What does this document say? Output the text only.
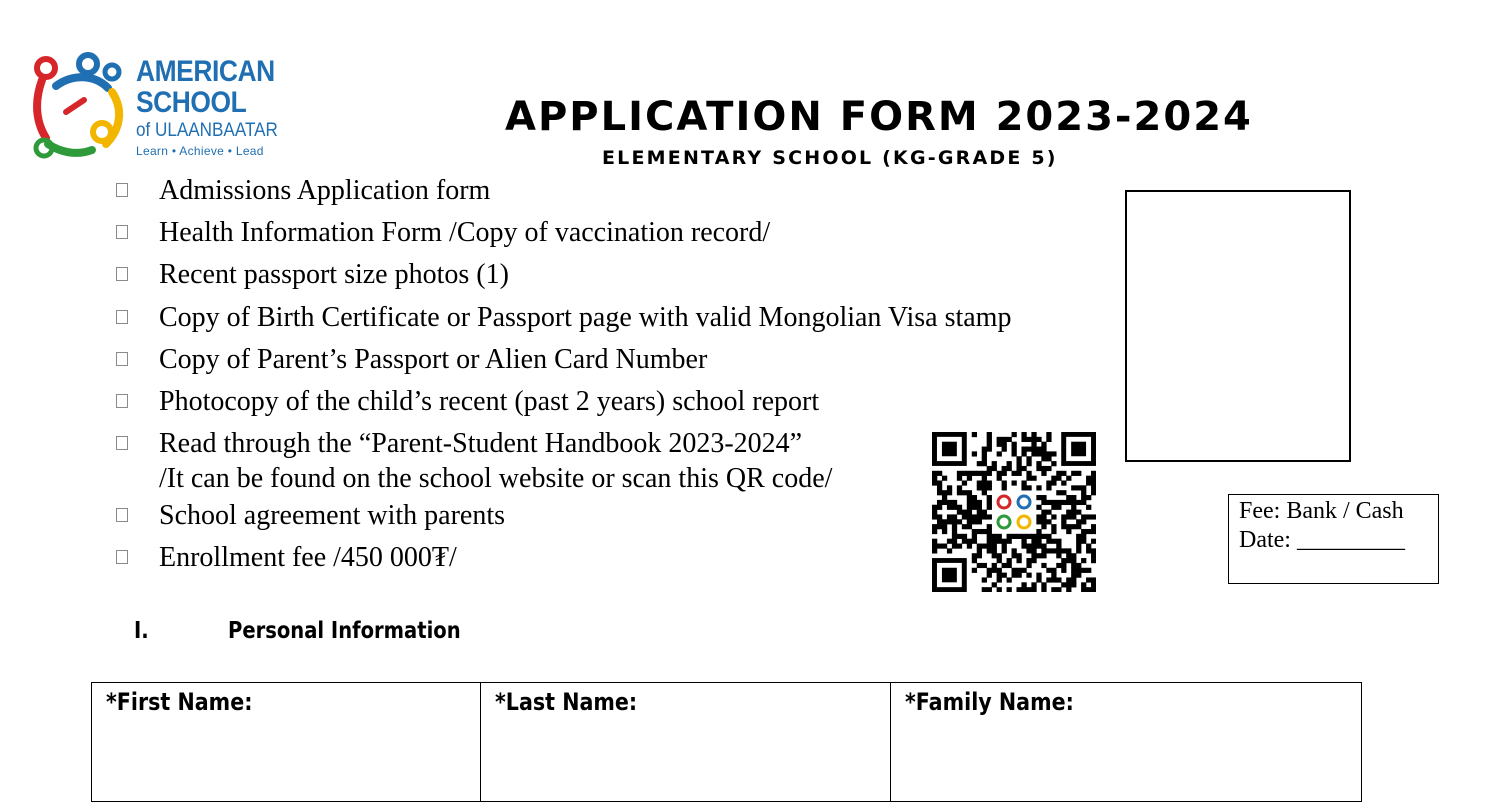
AMERICAN
SCHOOL
of ULAANBAATAR
Learn • Achieve • Lead
APPLICATION FORM 2023-2024
ELEMENTARY SCHOOL (KG-GRADE 5)
Admissions Application form
Health Information Form /Copy of vaccination record/
Recent passport size photos (1)
Copy of Birth Certificate or Passport page with valid Mongolian Visa stamp
Copy of Parent’s Passport or Alien Card Number
Photocopy of the child’s recent (past 2 years) school report
Read through the “Parent-Student Handbook 2023-2024”
/It can be found on the school website or scan this QR code/
School agreement with parents
Enrollment fee /450 000₮/
Fee: Bank / Cash
Date: _________
I.	Personal Information
*First Name:	*Last Name:	*Family Name:
